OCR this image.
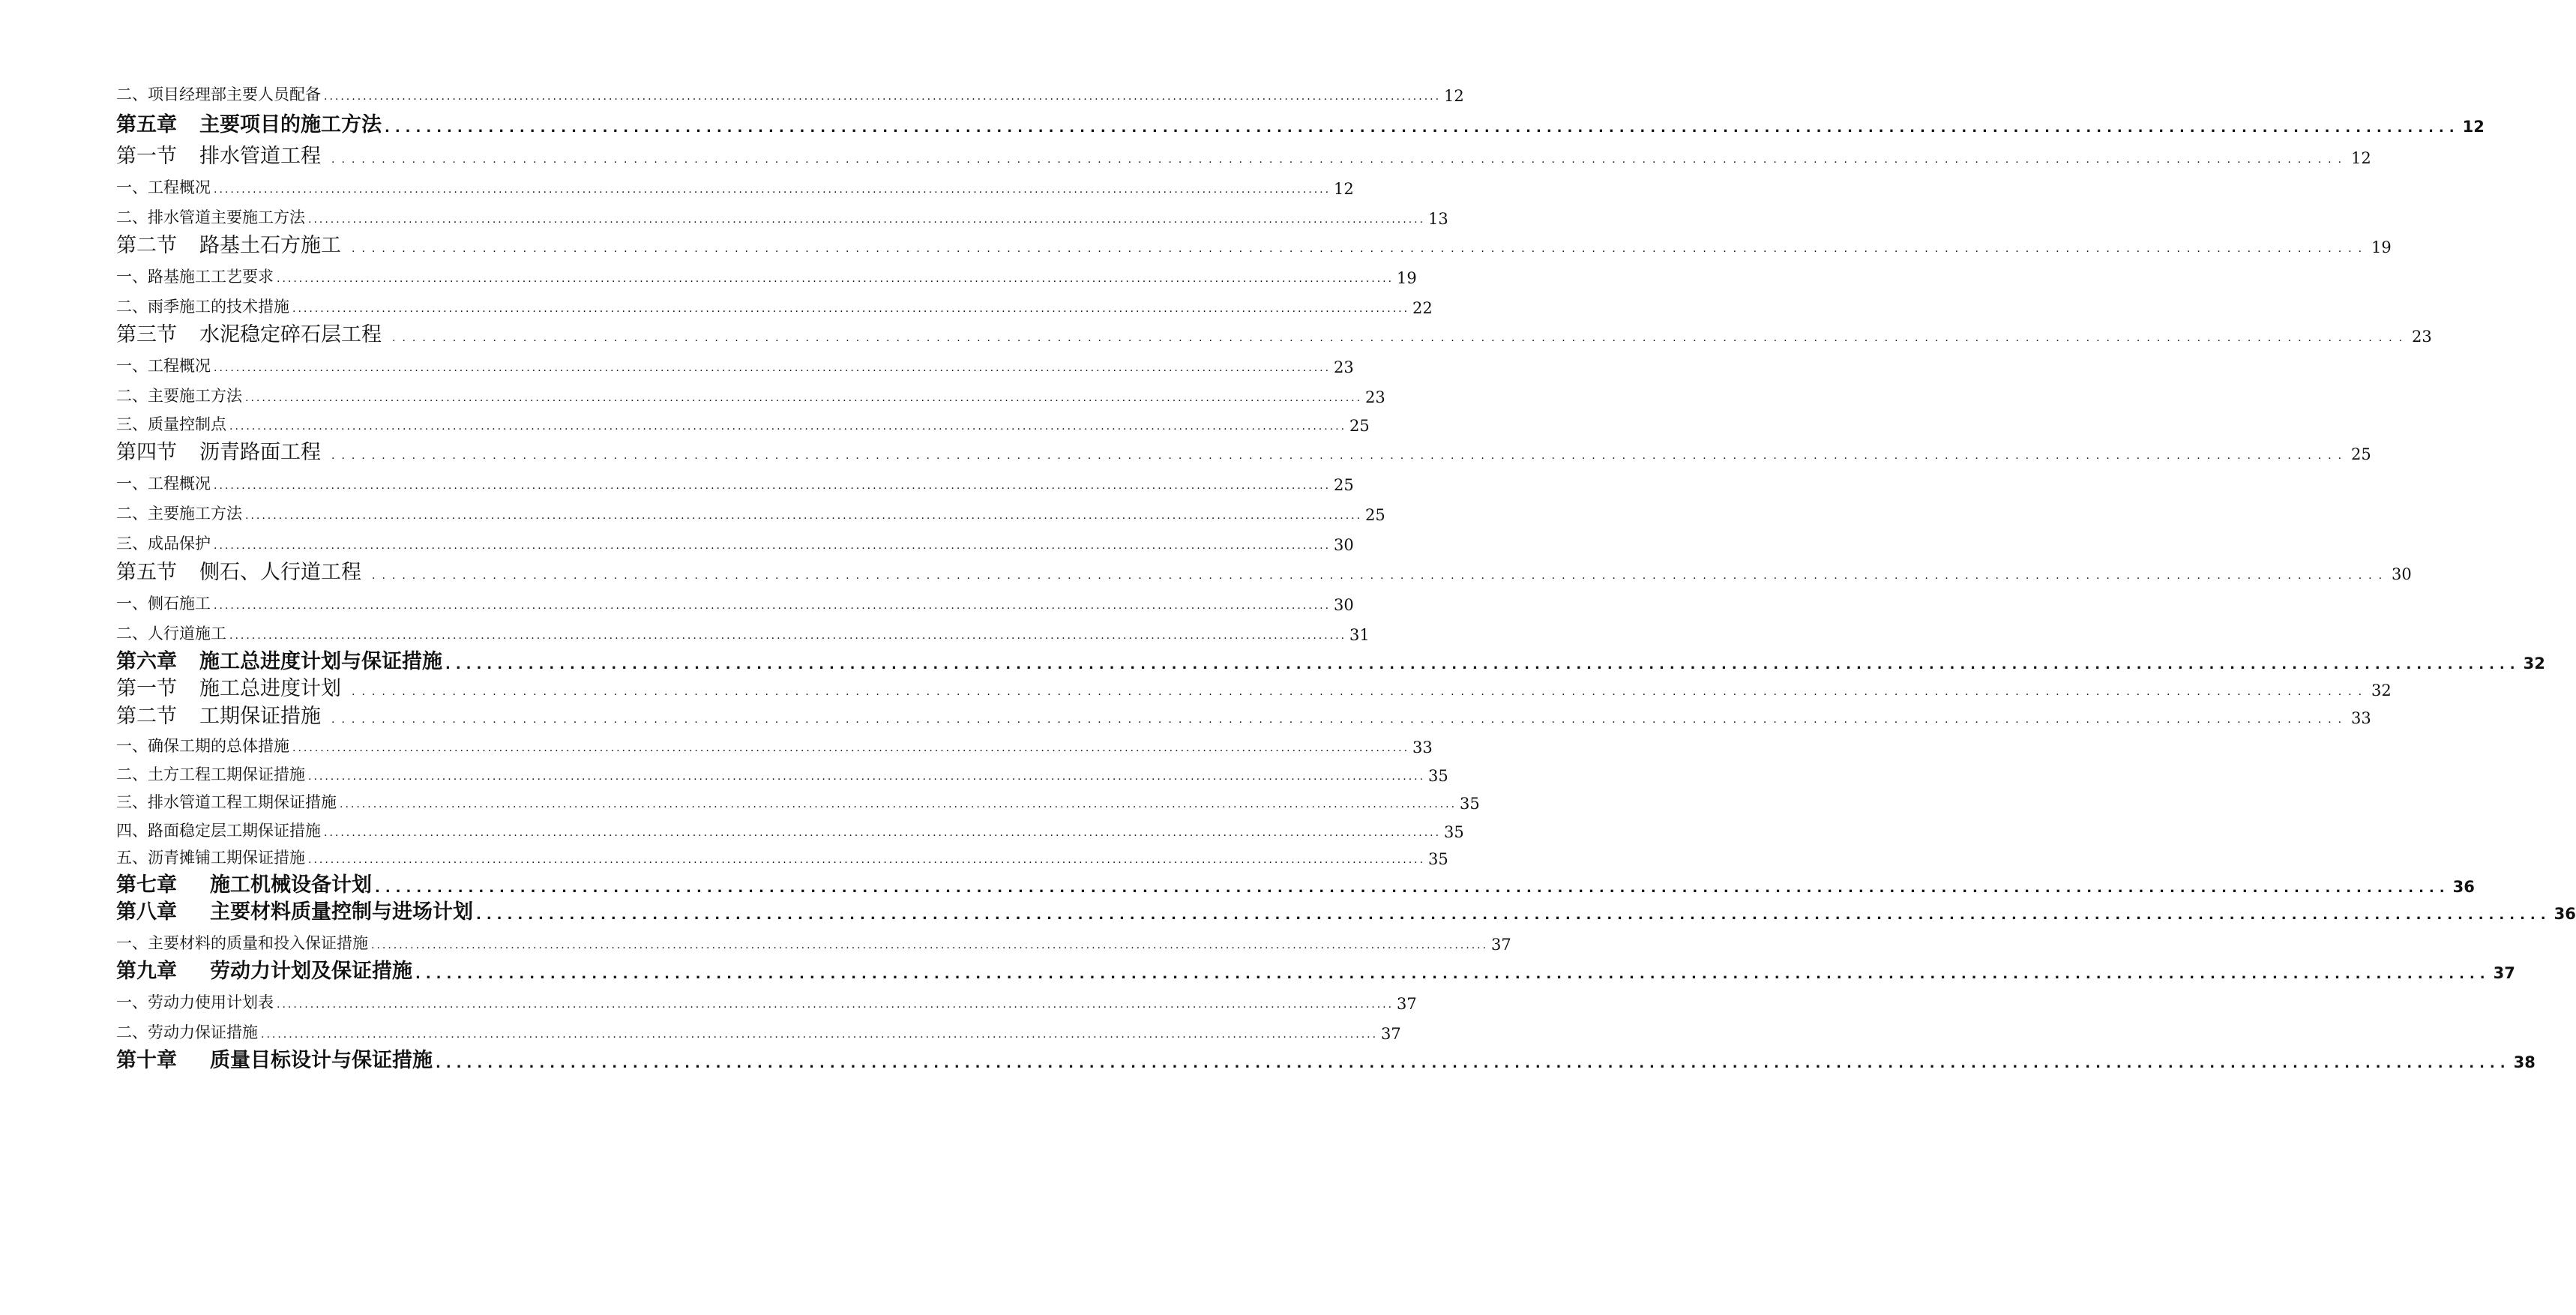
二、项目经理部主要人员配备 ........................................................................................................................................................................................................ 12
第五章 主要项目的施工方法 ........................................................................................................................................................................................................ 12
第一节 排水管道工程 ........................................................................................................................................................................................................ 12
一、工程概况 ........................................................................................................................................................................................................ 12
二、排水管道主要施工方法 ........................................................................................................................................................................................................ 13
第二节 路基土石方施工 ........................................................................................................................................................................................................ 19
一、路基施工工艺要求 ........................................................................................................................................................................................................ 19
二、雨季施工的技术措施 ........................................................................................................................................................................................................ 22
第三节 水泥稳定碎石层工程 ........................................................................................................................................................................................................ 23
一、工程概况 ........................................................................................................................................................................................................ 23
二、主要施工方法 ........................................................................................................................................................................................................ 23
三、质量控制点 ........................................................................................................................................................................................................ 25
第四节 沥青路面工程 ........................................................................................................................................................................................................ 25
一、工程概况 ........................................................................................................................................................................................................ 25
二、主要施工方法 ........................................................................................................................................................................................................ 25
三、成品保护 ........................................................................................................................................................................................................ 30
第五节 侧石、人行道工程 ........................................................................................................................................................................................................ 30
一、侧石施工 ........................................................................................................................................................................................................ 30
二、人行道施工 ........................................................................................................................................................................................................ 31
第六章 施工总进度计划与保证措施 ........................................................................................................................................................................................................ 32
第一节 施工总进度计划 ........................................................................................................................................................................................................ 32
第二节 工期保证措施 ........................................................................................................................................................................................................ 33
一、确保工期的总体措施 ........................................................................................................................................................................................................ 33
二、土方工程工期保证措施 ........................................................................................................................................................................................................ 35
三、排水管道工程工期保证措施 ........................................................................................................................................................................................................ 35
四、路面稳定层工期保证措施 ........................................................................................................................................................................................................ 35
五、沥青摊铺工期保证措施 ........................................................................................................................................................................................................ 35
第七章 施工机械设备计划 ........................................................................................................................................................................................................ 36
第八章 主要材料质量控制与进场计划 ........................................................................................................................................................................................................ 36
一、主要材料的质量和投入保证措施 ........................................................................................................................................................................................................ 37
第九章 劳动力计划及保证措施 ........................................................................................................................................................................................................ 37
一、劳动力使用计划表 ........................................................................................................................................................................................................ 37
二、劳动力保证措施 ........................................................................................................................................................................................................ 37
第十章 质量目标设计与保证措施 ........................................................................................................................................................................................................ 38
